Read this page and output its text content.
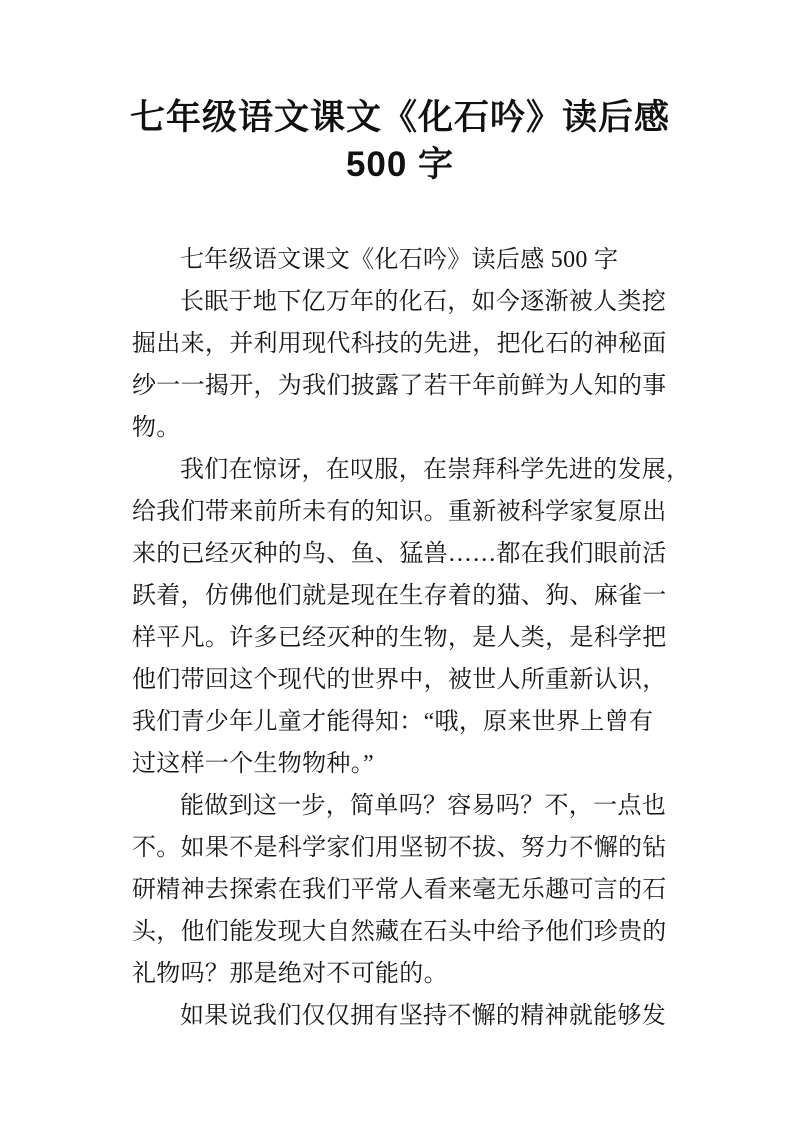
七年级语文课文《化石吟》读后感
500 字
七年级语文课文《化石吟》读后感 500 字
长眠于地下亿万年的化石，如今逐渐被人类挖
掘出来，并利用现代科技的先进，把化石的神秘面
纱一一揭开，为我们披露了若干年前鲜为人知的事
物。
我们在惊讶，在叹服，在崇拜科学先进的发展，
给我们带来前所未有的知识。重新被科学家复原出
来的已经灭种的鸟、鱼、猛兽……都在我们眼前活
跃着，仿佛他们就是现在生存着的猫、狗、麻雀一
样平凡。许多已经灭种的生物，是人类，是科学把
他们带回这个现代的世界中，被世人所重新认识，
我们青少年儿童才能得知：“哦，原来世界上曾有
过这样一个生物物种。”
能做到这一步，简单吗？容易吗？不，一点也
不。如果不是科学家们用坚韧不拔、努力不懈的钻
研精神去探索在我们平常人看来毫无乐趣可言的石
头，他们能发现大自然藏在石头中给予他们珍贵的
礼物吗？那是绝对不可能的。
如果说我们仅仅拥有坚持不懈的精神就能够发
